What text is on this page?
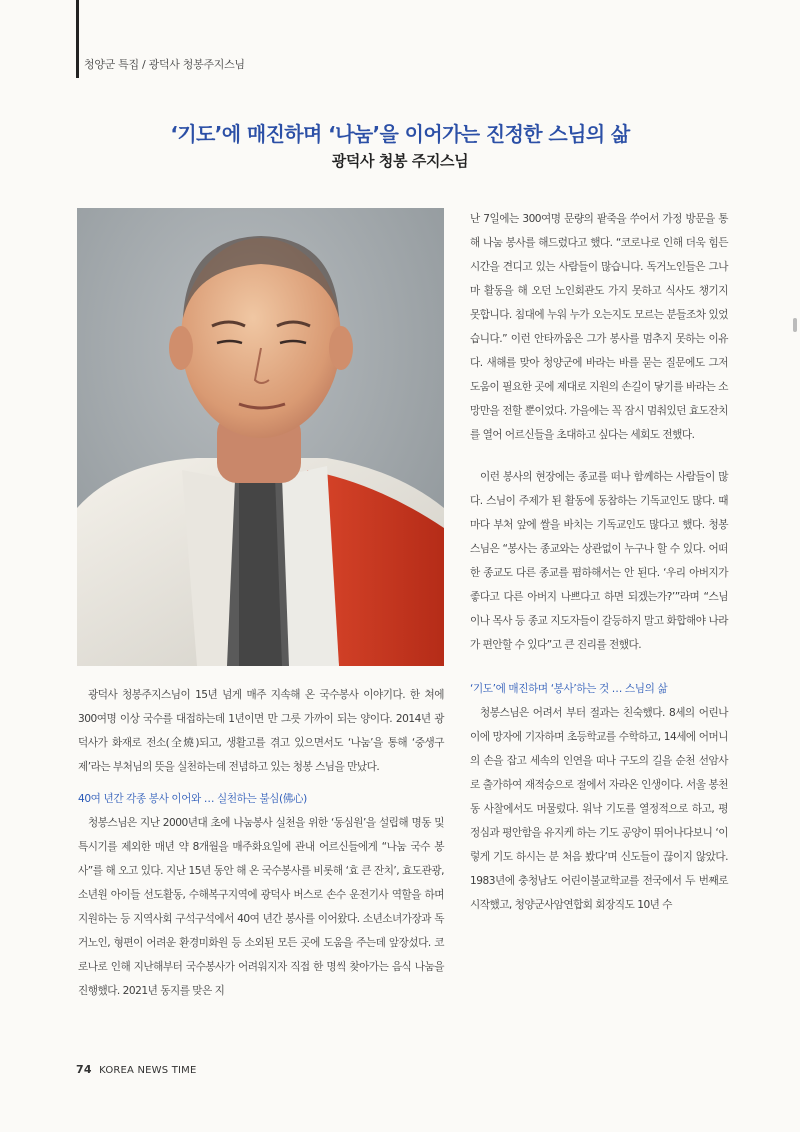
청양군 특집 / 광덕사 청봉주지스님
‘기도’에 매진하며 ‘나눔’을 이어가는 진정한 스님의 삶
광덕사 청봉 주지스님

광덕사 청봉주지스님이 15년 넘게 매주 지속해 온 국수봉사 이야기다. 한 쳐에 300여명 이상 국수를 대접하는데 1년이면 만 그릇 가까이 되는 양이다. 2014년 광덕사가 화재로 전소(全燒)되고, 생활고를 겪고 있으면서도 ‘나눔’을 통해 ‘중생구제’라는 부처님의 뜻을 실천하는데 전념하고 있는 청봉 스님을 만났다.

40여 년간 각종 봉사 이어와 … 실천하는 불심(佛心)

청봉스님은 지난 2000년대 초에 나눔봉사 실천을 위한 ‘동심원’을 설립해 명동 및 특시기를 제외한 매년 약 8개월을 매주화요일에 관내 어르신들에게 “나눔 국수 봉사”를 해 오고 있다. 지난 15년 동안 해 온 국수봉사를 비롯해 ‘효 큰 잔치’, 효도관광, 소년원 아이들 선도활동, 수해복구지역에 광덕사 버스로 손수 운전기사 역할을 하며 지원하는 등 지역사회 구석구석에서 40여 년간 봉사를 이어왔다. 소년소녀가장과 독거노인, 형편이 어려운 환경미화원 등 소외된 모든 곳에 도움을 주는데 앞장섰다. 코로나로 인해 지난해부터 국수봉사가 어려워지자 직접 한 명씩 찾아가는 음식 나눔을 진행했다. 2021년 동지를 맞은 지

난 7일에는 300여명 문량의 팥죽을 쑤어서 가정 방문을 통해 나눔 봉사를 해드렸다고 했다. “코로나로 인해 더욱 힘든 시간을 견디고 있는 사람들이 많습니다. 독거노인들은 그나마 활동을 해 오던 노인회관도 가지 못하고 식사도 챙기지 못합니다. 침대에 누워 누가 오는지도 모르는 분들조차 있었습니다.” 이런 안타까움은 그가 봉사를 멈추지 못하는 이유다. 새해를 맞아 청양군에 바라는 바를 묻는 질문에도 그저 도움이 필요한 곳에 제대로 지원의 손길이 닿기를 바라는 소망만을 전할 뿐이었다. 가을에는 꼭 잠시 멈춰있던 효도잔치를 열어 어르신들을 초대하고 싶다는 세회도 전했다.

이런 봉사의 현장에는 종교를 떠나 함께하는 사람들이 많다. 스님이 주제가 된 활동에 동참하는 기독교인도 많다. 때마다 부처 앞에 쌀을 바치는 기독교인도 많다고 했다. 청봉 스님은 “봉사는 종교와는 상관없이 누구나 할 수 있다. 어떠한 종교도 다른 종교를 폄하해서는 안 된다. ‘우리 아버지가 좋다고 다른 아버지 나쁘다고 하면 되겠는가?’”라며 “스님이나 목사 등 종교 지도자들이 갈등하지 말고 화합해야 나라가 편안할 수 있다”고 큰 진리를 전했다.

‘기도’에 매진하며 ‘봉사’하는 것 … 스님의 삶

청봉스님은 어려서 부터 절과는 친숙했다. 8세의 어린나이에 망자에 기자하며 초등학교를 수학하고, 14세에 어머니의 손을 잡고 세속의 인연을 떠나 구도의 길을 순천 선암사로 출가하여 재적승으로 절에서 자라온 인생이다. 서울 봉천동 사찰에서도 머물렀다. 워낙 기도를 열정적으로 하고, 평정심과 평안함을 유지케 하는 기도 공양이 뛰어나다보니 ‘이렇게 기도 하시는 분 처음 봤다’며 신도들이 끊이지 않았다. 1983년에 충청남도 어린이불교학교를 전국에서 두 번째로 시작했고, 청양군사암연합회 회장직도 10년 수

74 KOREA NEWS TIME
